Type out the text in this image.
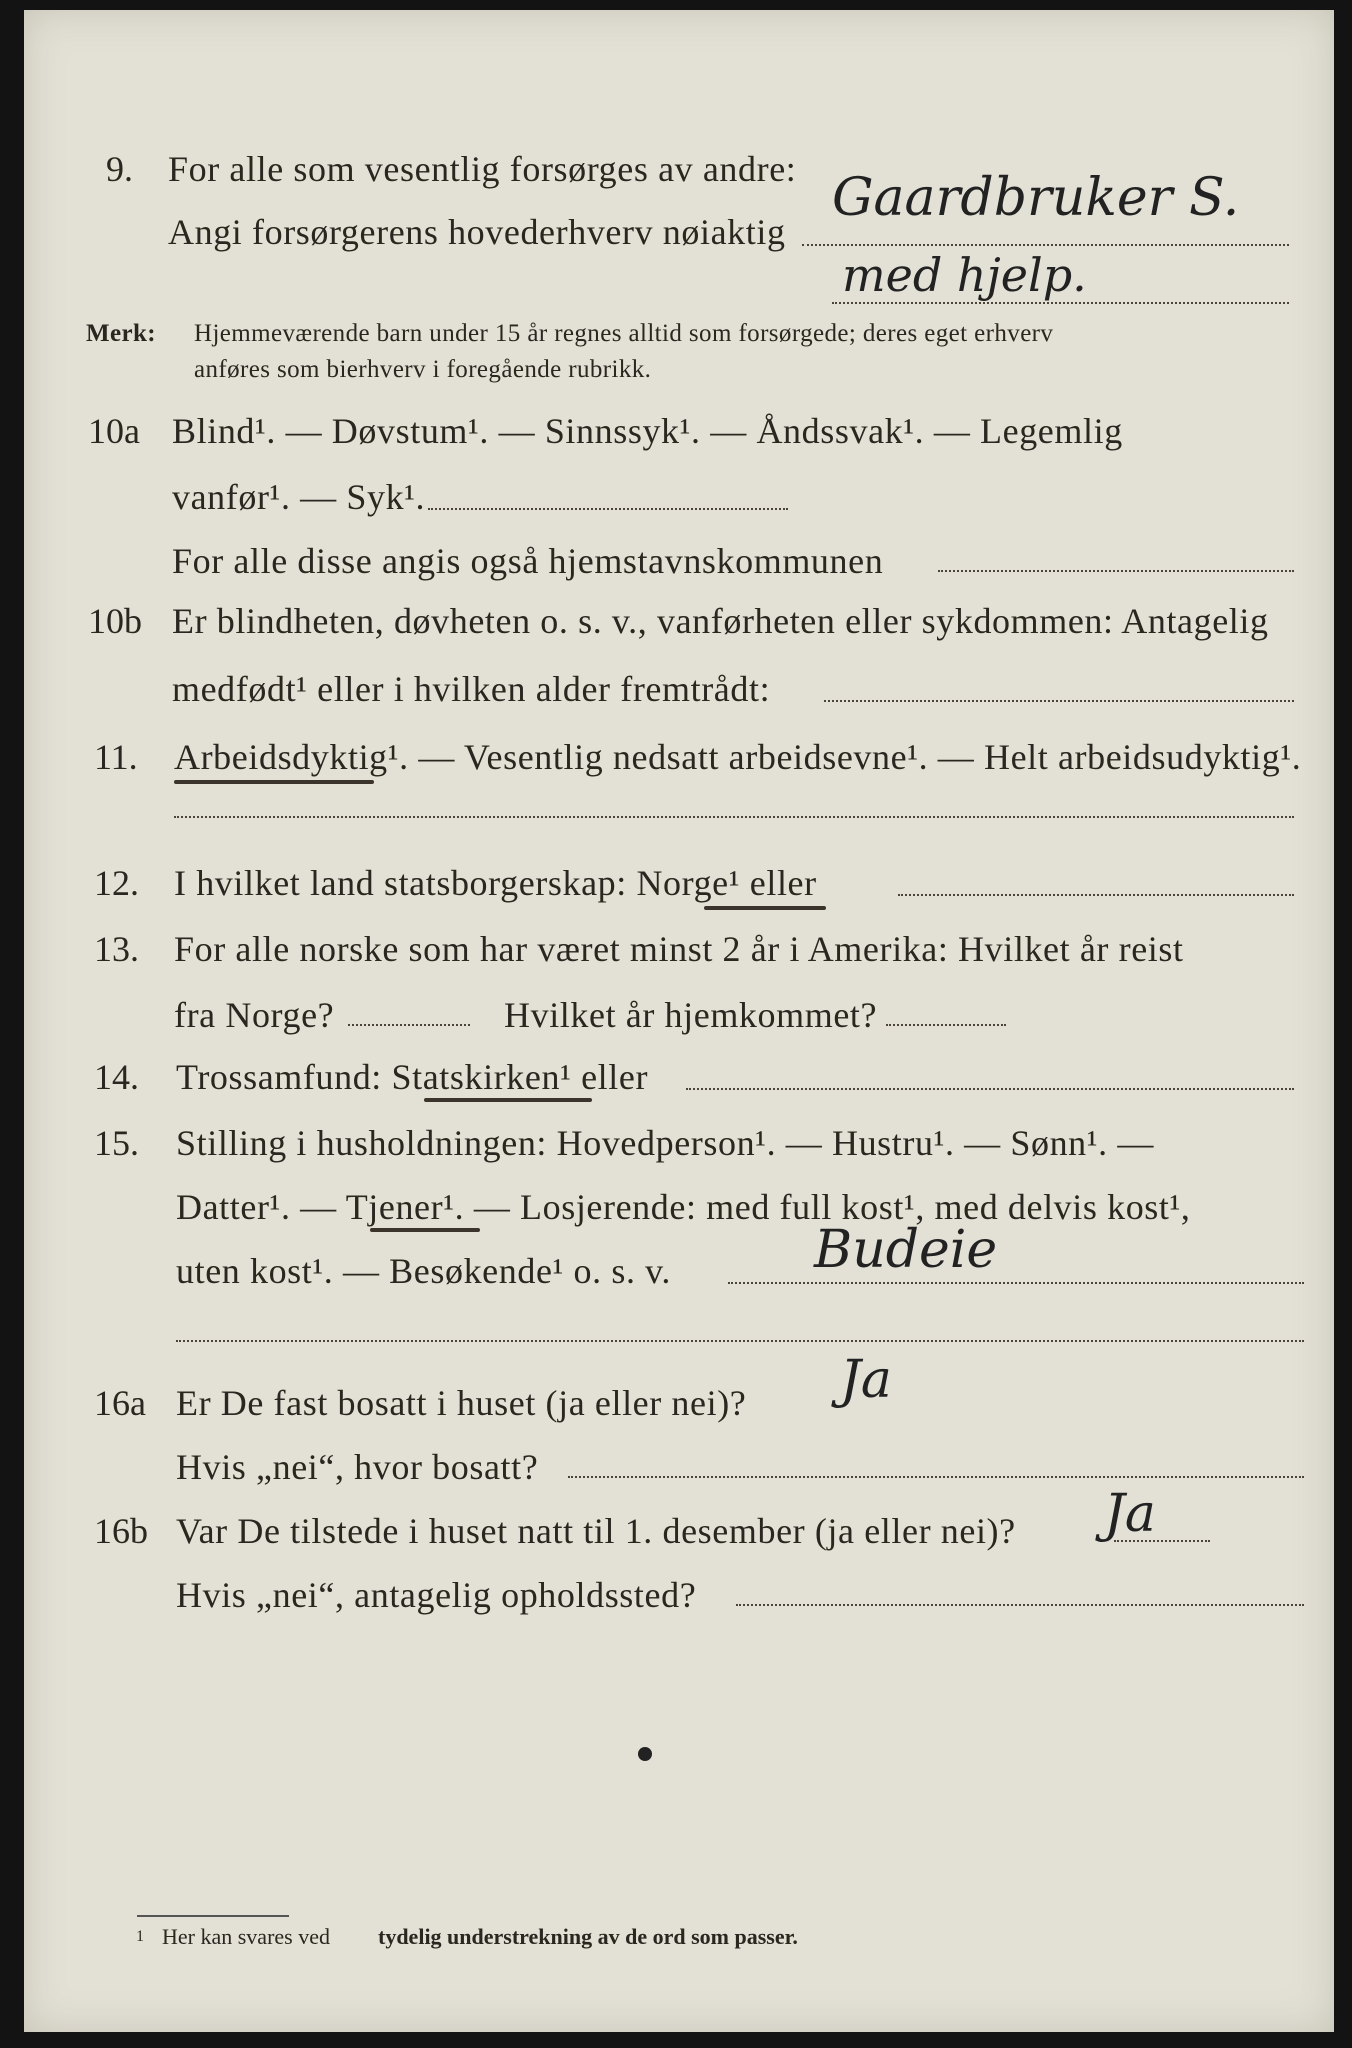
9. For alle som vesentlig forsørges av andre:
Angi forsørgerens hovederhverv nøiaktig
Gaardbruker S.
med hjelp.
Merk: Hjemmeværende barn under 15 år regnes alltid som forsørgede; deres eget erhverv
anføres som bierhverv i foregående rubrikk.
10a Blind¹. — Døvstum¹. — Sinnssyk¹. — Åndssvak¹. — Legemlig
vanfør¹. — Syk¹.
For alle disse angis også hjemstavnskommunen
10b Er blindheten, døvheten o. s. v., vanførheten eller sykdommen: Antagelig
medfødt¹ eller i hvilken alder fremtrådt:
11. Arbeidsdyktig¹. — Vesentlig nedsatt arbeidsevne¹. — Helt arbeidsudyktig¹.
12. I hvilket land statsborgerskap: Norge¹ eller
13. For alle norske som har været minst 2 år i Amerika: Hvilket år reist
fra Norge?	Hvilket år hjemkommet?
14. Trossamfund: Statskirken¹ eller
15. Stilling i husholdningen: Hovedperson¹. — Hustru¹. — Sønn¹. —
Datter¹. — Tjener¹. — Losjerende: med full kost¹, med delvis kost¹,
uten kost¹. — Besøkende¹ o. s. v.	Budeie
16a Er De fast bosatt i huset (ja eller nei)? Ja
Hvis „nei“, hvor bosatt?
16b Var De tilstede i huset natt til 1. desember (ja eller nei)? Ja
Hvis „nei“, antagelig opholdssted?
1 Her kan svares ved tydelig understrekning av de ord som passer.
